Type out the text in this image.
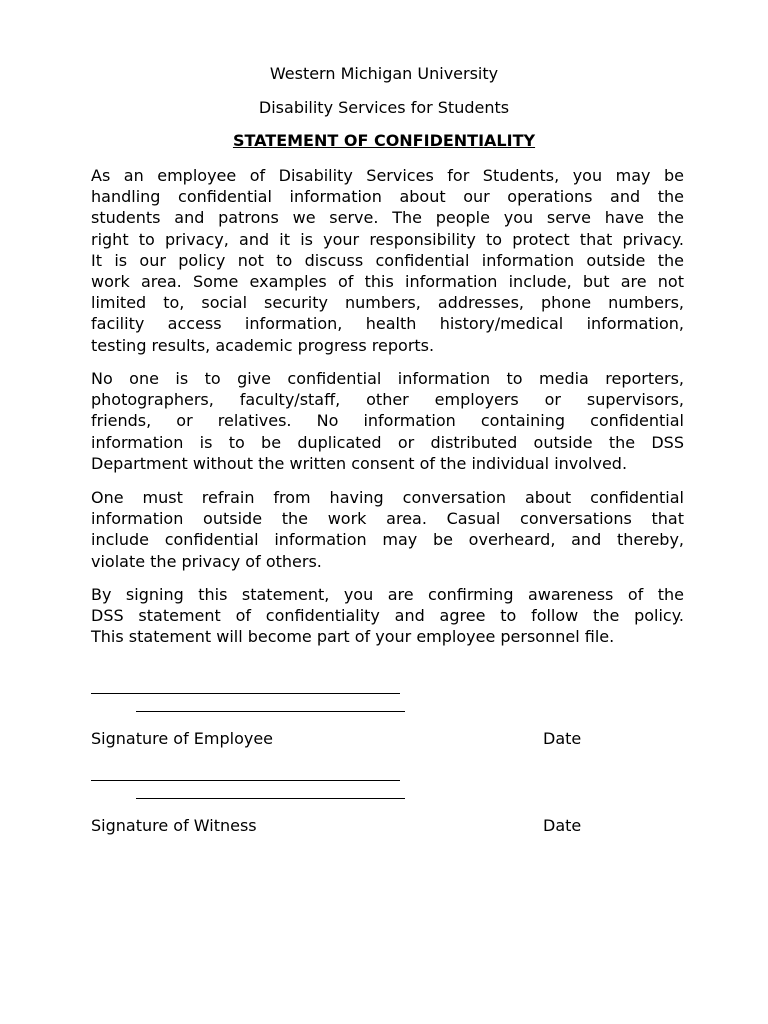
Western Michigan University
Disability Services for Students
STATEMENT OF CONFIDENTIALITY
As an employee of Disability Services for Students, you may be
handling confidential information about our operations and the
students and patrons we serve. The people you serve have the
right to privacy, and it is your responsibility to protect that privacy.
It is our policy not to discuss confidential information outside the
work area. Some examples of this information include, but are not
limited to, social security numbers, addresses, phone numbers,
facility access information, health history/medical information,
testing results, academic progress reports.
No one is to give confidential information to media reporters,
photographers, faculty/staff, other employers or supervisors,
friends, or relatives. No information containing confidential
information is to be duplicated or distributed outside the DSS
Department without the written consent of the individual involved.
One must refrain from having conversation about confidential
information outside the work area. Casual conversations that
include confidential information may be overheard, and thereby,
violate the privacy of others.
By signing this statement, you are confirming awareness of the
DSS statement of confidentiality and agree to follow the policy.
This statement will become part of your employee personnel file.
Signature of Employee	Date
Signature of Witness	Date
